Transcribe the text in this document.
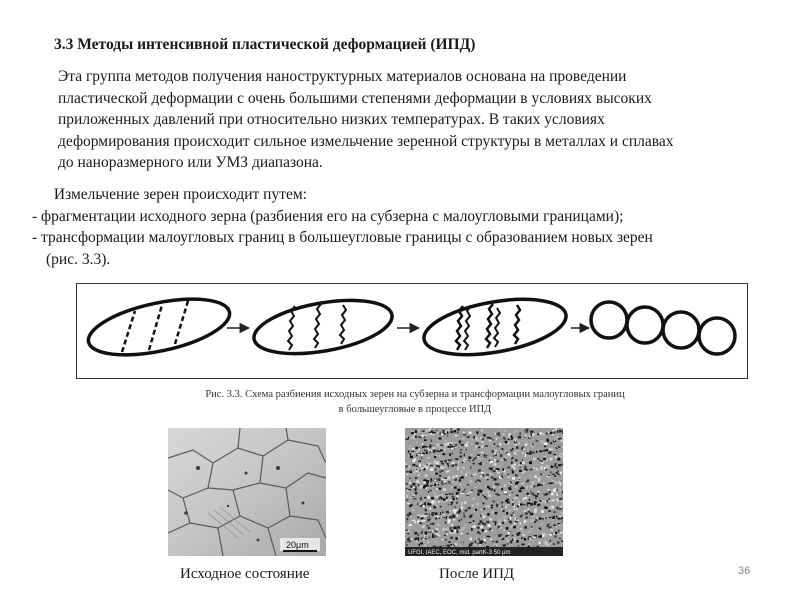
3.3 Методы интенсивной пластической деформацией (ИПД)
Эта группа методов получения наноструктурных материалов основана на проведении
пластической деформации с очень большими степенями деформации в условиях высоких
приложенных давлений при относительно низких температурах. В таких условиях
деформирования происходит сильное измельчение зеренной структуры в металлах и сплавах
до наноразмерного или УМЗ диапазона.
Измельчение зерен происходит путем:
- фрагментации исходного зерна (разбиения его на субзерна с малоугловыми границами);
- трансформации малоугловых границ в большеугловые границы с образованием новых зерен
(рис. 3.3).
Рис. 3.3. Схема разбиения исходных зерен на субзерна и трансформации малоугловых границ
в большеугловые в процессе ИПД
20μm
UFGI, IAEC, EOC, mid. partK-3 50 μm
Исходное состояние	После ИПД	36
